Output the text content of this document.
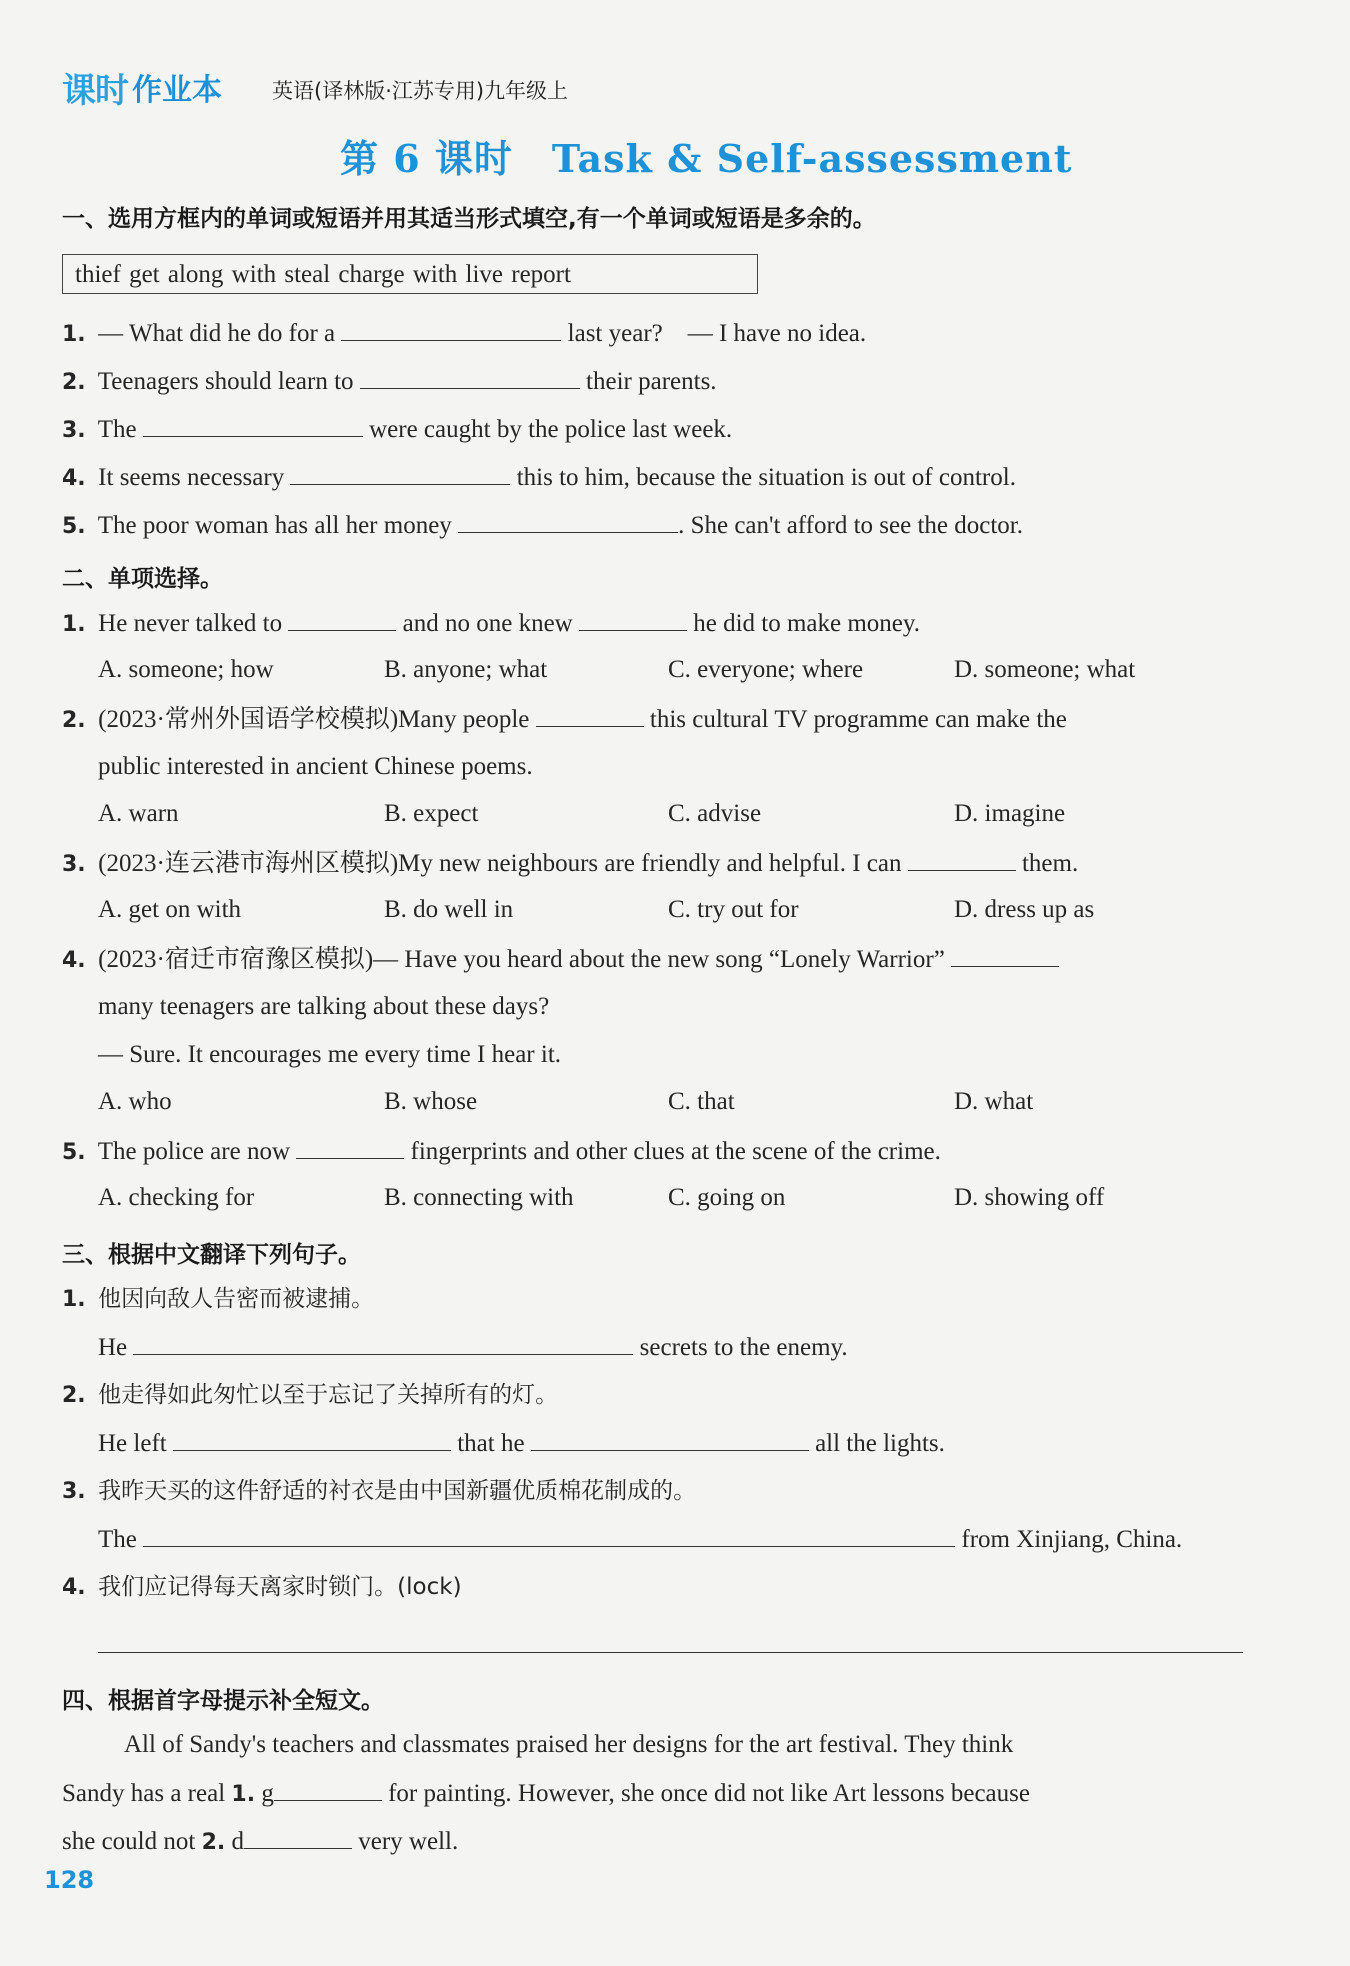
课时 作业本 英语(译林版·江苏专用)九年级上
第 6 课时　Task & Self-assessment
一、选用方框内的单词或短语并用其适当形式填空,有一个单词或短语是多余的。
thief get along with steal charge with live report
1. — What did he do for a	last year?　— I have no idea.
2. Teenagers should learn to	their parents.
3. The	were caught by the police last week.
4. It seems necessary	this to him, because the situation is out of control.
5. The poor woman has all her money	. She can't afford to see the doctor.
二、单项选择。
1. He never talked to	and no one knew	he did to make money.
A. someone; how	B. anyone; what	C. everyone; where	D. someone; what
2. (2023·常州外国语学校模拟)Many people	this cultural TV programme can make the
public interested in ancient Chinese poems.
A. warn	B. expect	C. advise	D. imagine
3. (2023·连云港市海州区模拟)My new neighbours are friendly and helpful. I can	them.
A. get on with	B. do well in	C. try out for	D. dress up as
4. (2023·宿迁市宿豫区模拟)— Have you heard about the new song “Lonely Warrior”
many teenagers are talking about these days?
— Sure. It encourages me every time I hear it.
A. who	B. whose	C. that	D. what
5. The police are now	fingerprints and other clues at the scene of the crime.
A. checking for	B. connecting with	C. going on	D. showing off
三、根据中文翻译下列句子。
1. 他因向敌人告密而被逮捕。
He	secrets to the enemy.
2. 他走得如此匆忙以至于忘记了关掉所有的灯。
He left	that he	all the lights.
3. 我昨天买的这件舒适的衬衣是由中国新疆优质棉花制成的。
The	from Xinjiang, China.
4. 我们应记得每天离家时锁门。(lock)
四、根据首字母提示补全短文。
All of Sandy's teachers and classmates praised her designs for the art festival. They think
Sandy has a real 1. g	for painting. However, she once did not like Art lessons because
she could not 2. d	very well.
128
